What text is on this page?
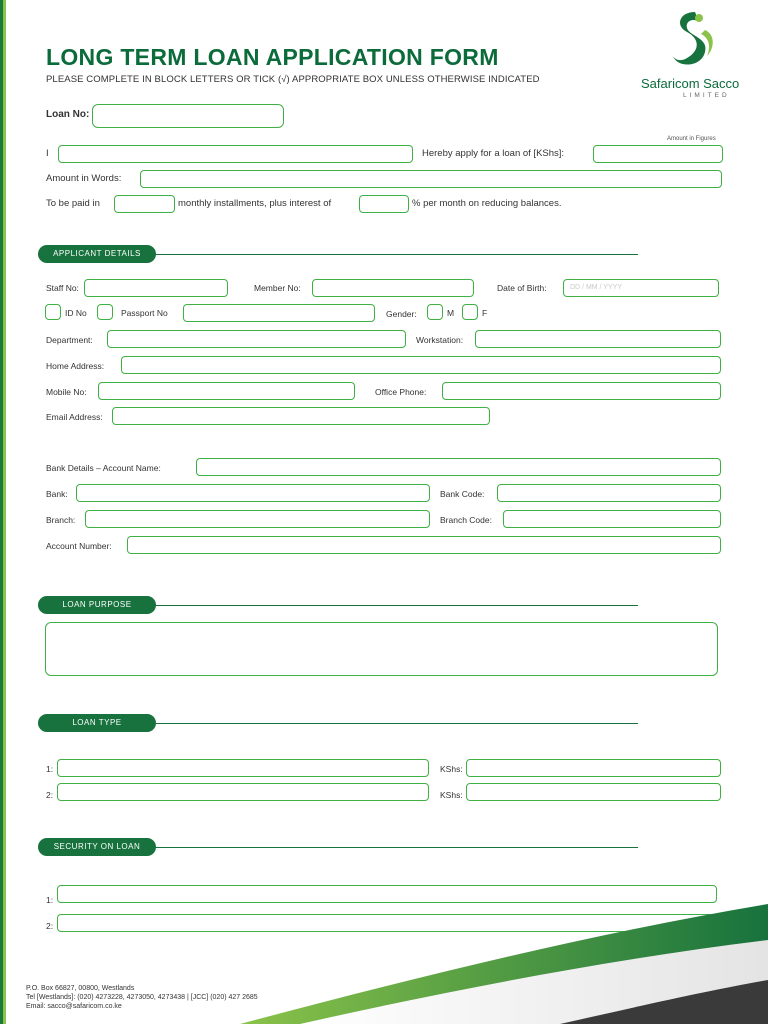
LONG TERM LOAN APPLICATION FORM
PLEASE COMPLETE IN BLOCK LETTERS OR TICK (√) APPROPRIATE BOX UNLESS OTHERWISE INDICATED	Safaricom Sacco
LIMITED
Loan No:
Amount in Figures
I	Hereby apply for a loan of [KShs]:
Amount in Words:
To be paid in	monthly installments, plus interest of	% per month on reducing balances.
APPLICANT DETAILS
Staff No:	Member No:	Date of Birth:	DD / MM / YYYY
ID No	Passport No	Gender:	M	F
Department:	Workstation:
Home Address:
Mobile No:	Office Phone:
Email Address:
Bank Details – Account Name:
Bank:	Bank Code:
Branch:	Branch Code:
Account Number:
LOAN PURPOSE
LOAN TYPE
1:	KShs:
2:	KShs:
SECURITY ON LOAN
1:
2:
P.O. Box 66827, 00800, Westlands
Tel [Westlands]: (020) 4273228, 4273050, 4273438 | [JCC] (020) 427 2685
Email: sacco@safaricom.co.ke
